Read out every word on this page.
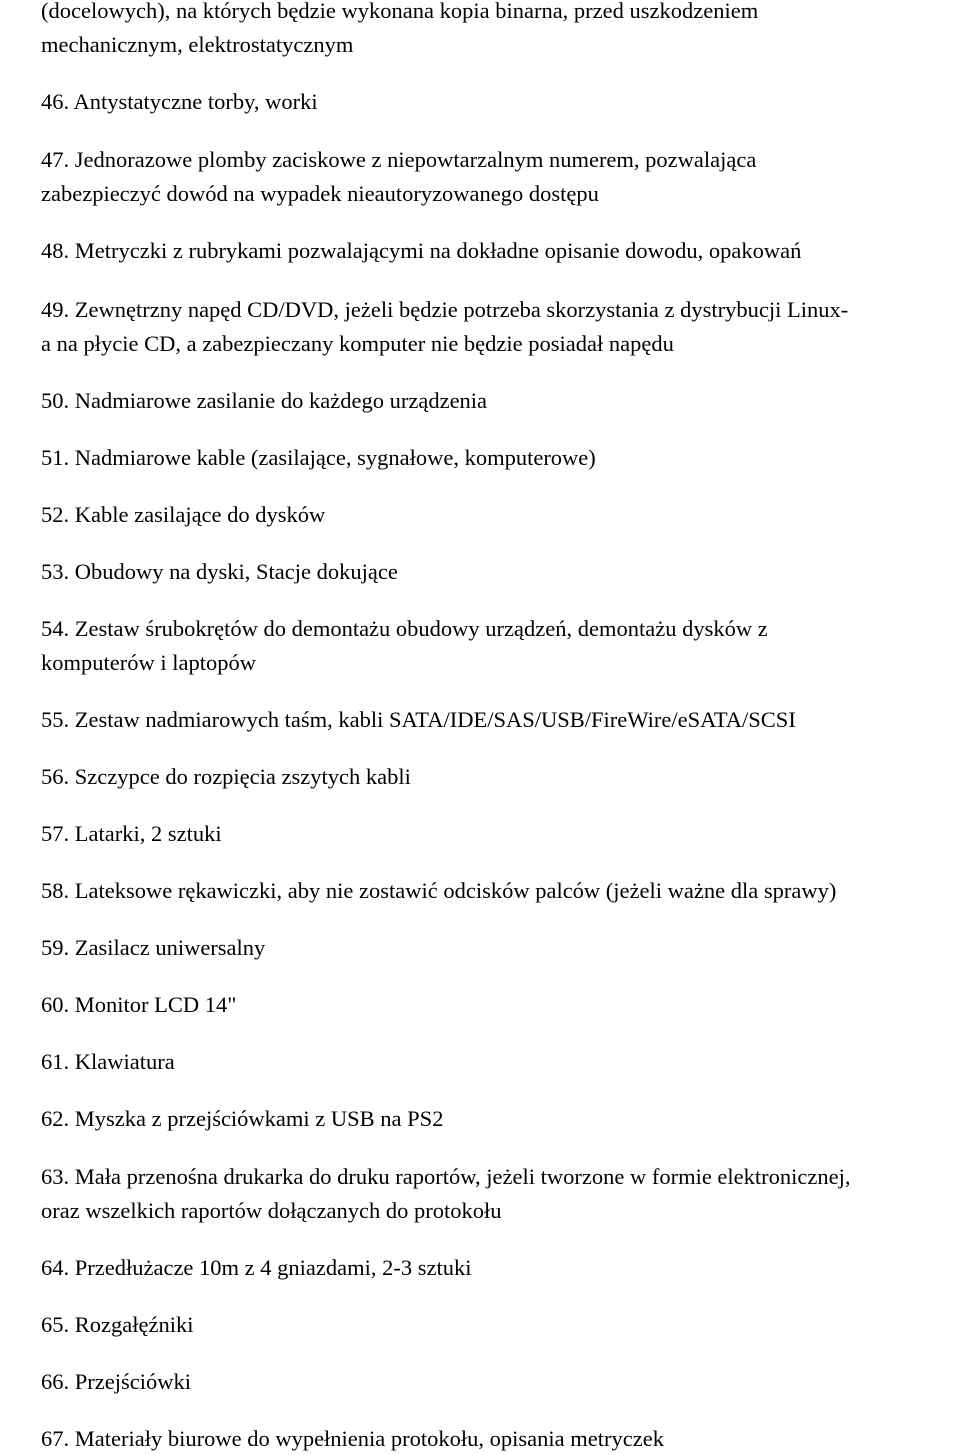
(docelowych), na których będzie wykonana kopia binarna, przed uszkodzeniem
mechanicznym, elektrostatycznym
46. Antystatyczne torby, worki
47. Jednorazowe plomby zaciskowe z niepowtarzalnym numerem, pozwalająca
zabezpieczyć dowód na wypadek nieautoryzowanego dostępu
48. Metryczki z rubrykami pozwalającymi na dokładne opisanie dowodu, opakowań
49. Zewnętrzny napęd CD/DVD, jeżeli będzie potrzeba skorzystania z dystrybucji Linux-
a na płycie CD, a zabezpieczany komputer nie będzie posiadał napędu
50. Nadmiarowe zasilanie do każdego urządzenia
51. Nadmiarowe kable (zasilające, sygnałowe, komputerowe)
52. Kable zasilające do dysków
53. Obudowy na dyski, Stacje dokujące
54. Zestaw śrubokrętów do demontażu obudowy urządzeń, demontażu dysków z
komputerów i laptopów
55. Zestaw nadmiarowych taśm, kabli SATA/IDE/SAS/USB/FireWire/eSATA/SCSI
56. Szczypce do rozpięcia zszytych kabli
57. Latarki, 2 sztuki
58. Lateksowe rękawiczki, aby nie zostawić odcisków palców (jeżeli ważne dla sprawy)
59. Zasilacz uniwersalny
60. Monitor LCD 14"
61. Klawiatura
62. Myszka z przejściówkami z USB na PS2
63. Mała przenośna drukarka do druku raportów, jeżeli tworzone w formie elektronicznej,
oraz wszelkich raportów dołączanych do protokołu
64. Przedłużacze 10m z 4 gniazdami, 2-3 sztuki
65. Rozgałęźniki
66. Przejściówki
67. Materiały biurowe do wypełnienia protokołu, opisania metryczek
